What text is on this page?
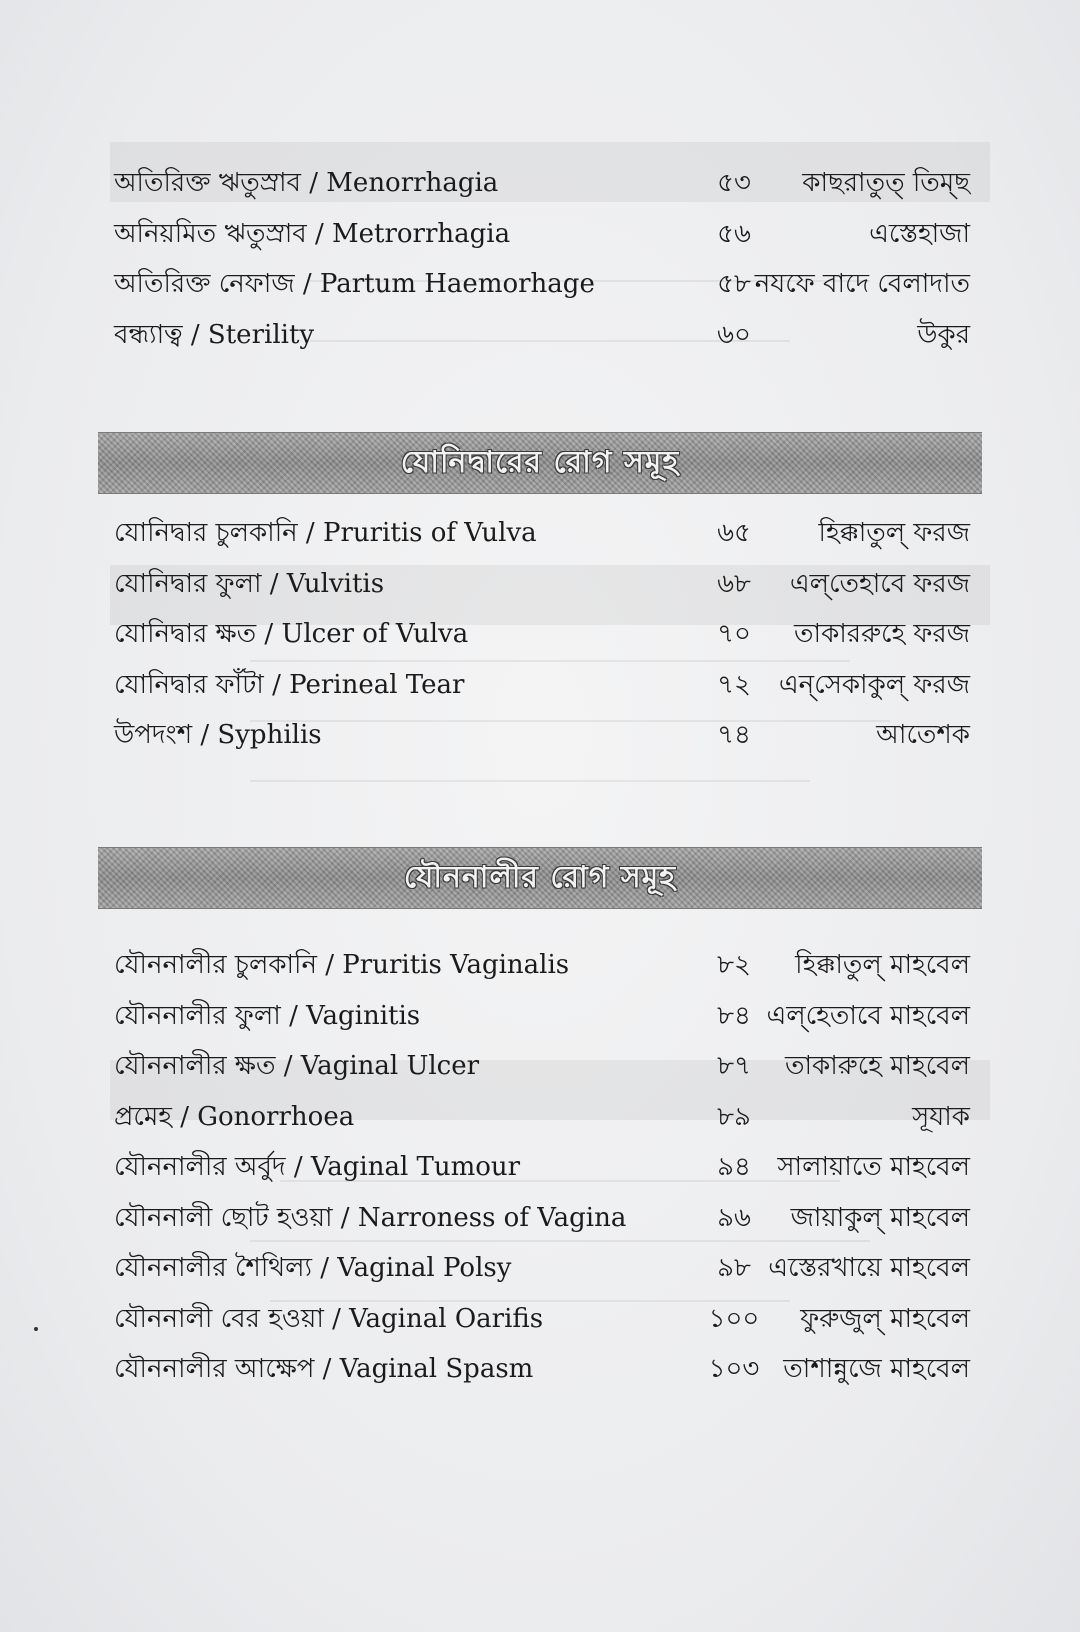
অতিরিক্ত ঋতুস্রাব / Menorrhagia	৫৩	কাছরাতুত্ তিম্‌ছ
অনিয়মিত ঋতুস্রাব / Metrorrhagia	৫৬	এস্তেহাজা
অতিরিক্ত নেফাজ / Partum Haemorhage	৫৮ নযফে বাদে বেলাদাত
বন্ধ্যাত্ব / Sterility	৬০	উকুর
যোনিদ্বারের রোগ সমূহ
যোনিদ্বার চুলকানি / Pruritis of Vulva	৬৫	হিক্কাতুল্ ফরজ
যোনিদ্বার ফুলা / Vulvitis	৬৮	এল্‌তেহাবে ফরজ
যোনিদ্বার ক্ষত / Ulcer of Vulva	৭০	তাকাররুহে ফরজ
যোনিদ্বার ফাঁটা / Perineal Tear	৭২	এন্‌সেকাকুল্ ফরজ
উপদংশ / Syphilis	৭৪	আতেশক
যৌননালীর রোগ সমূহ
যৌননালীর চুলকানি / Pruritis Vaginalis	৮২	হিক্কাতুল্ মাহবেল
যৌননালীর ফুলা / Vaginitis	৮৪ এল্‌হেতাবে মাহবেল
যৌননালীর ক্ষত / Vaginal Ulcer	৮৭	তাকারুহে মাহবেল
প্রমেহ / Gonorrhoea	৮৯	সূযাক
যৌননালীর অর্বুদ / Vaginal Tumour	৯৪	সালায়াতে মাহবেল
যৌননালী ছোট হওয়া / Narroness of Vagina	৯৬	জায়াকুল্ মাহবেল
যৌননালীর শৈথিল্য / Vaginal Polsy	৯৮ এস্তেরখায়ে মাহবেল
যৌননালী বের হওয়া / Vaginal Oarifis	১০০	ফুরুজুল্ মাহবেল
যৌননালীর আক্ষেপ / Vaginal Spasm	১০৩ তাশান্নুজে মাহবেল
